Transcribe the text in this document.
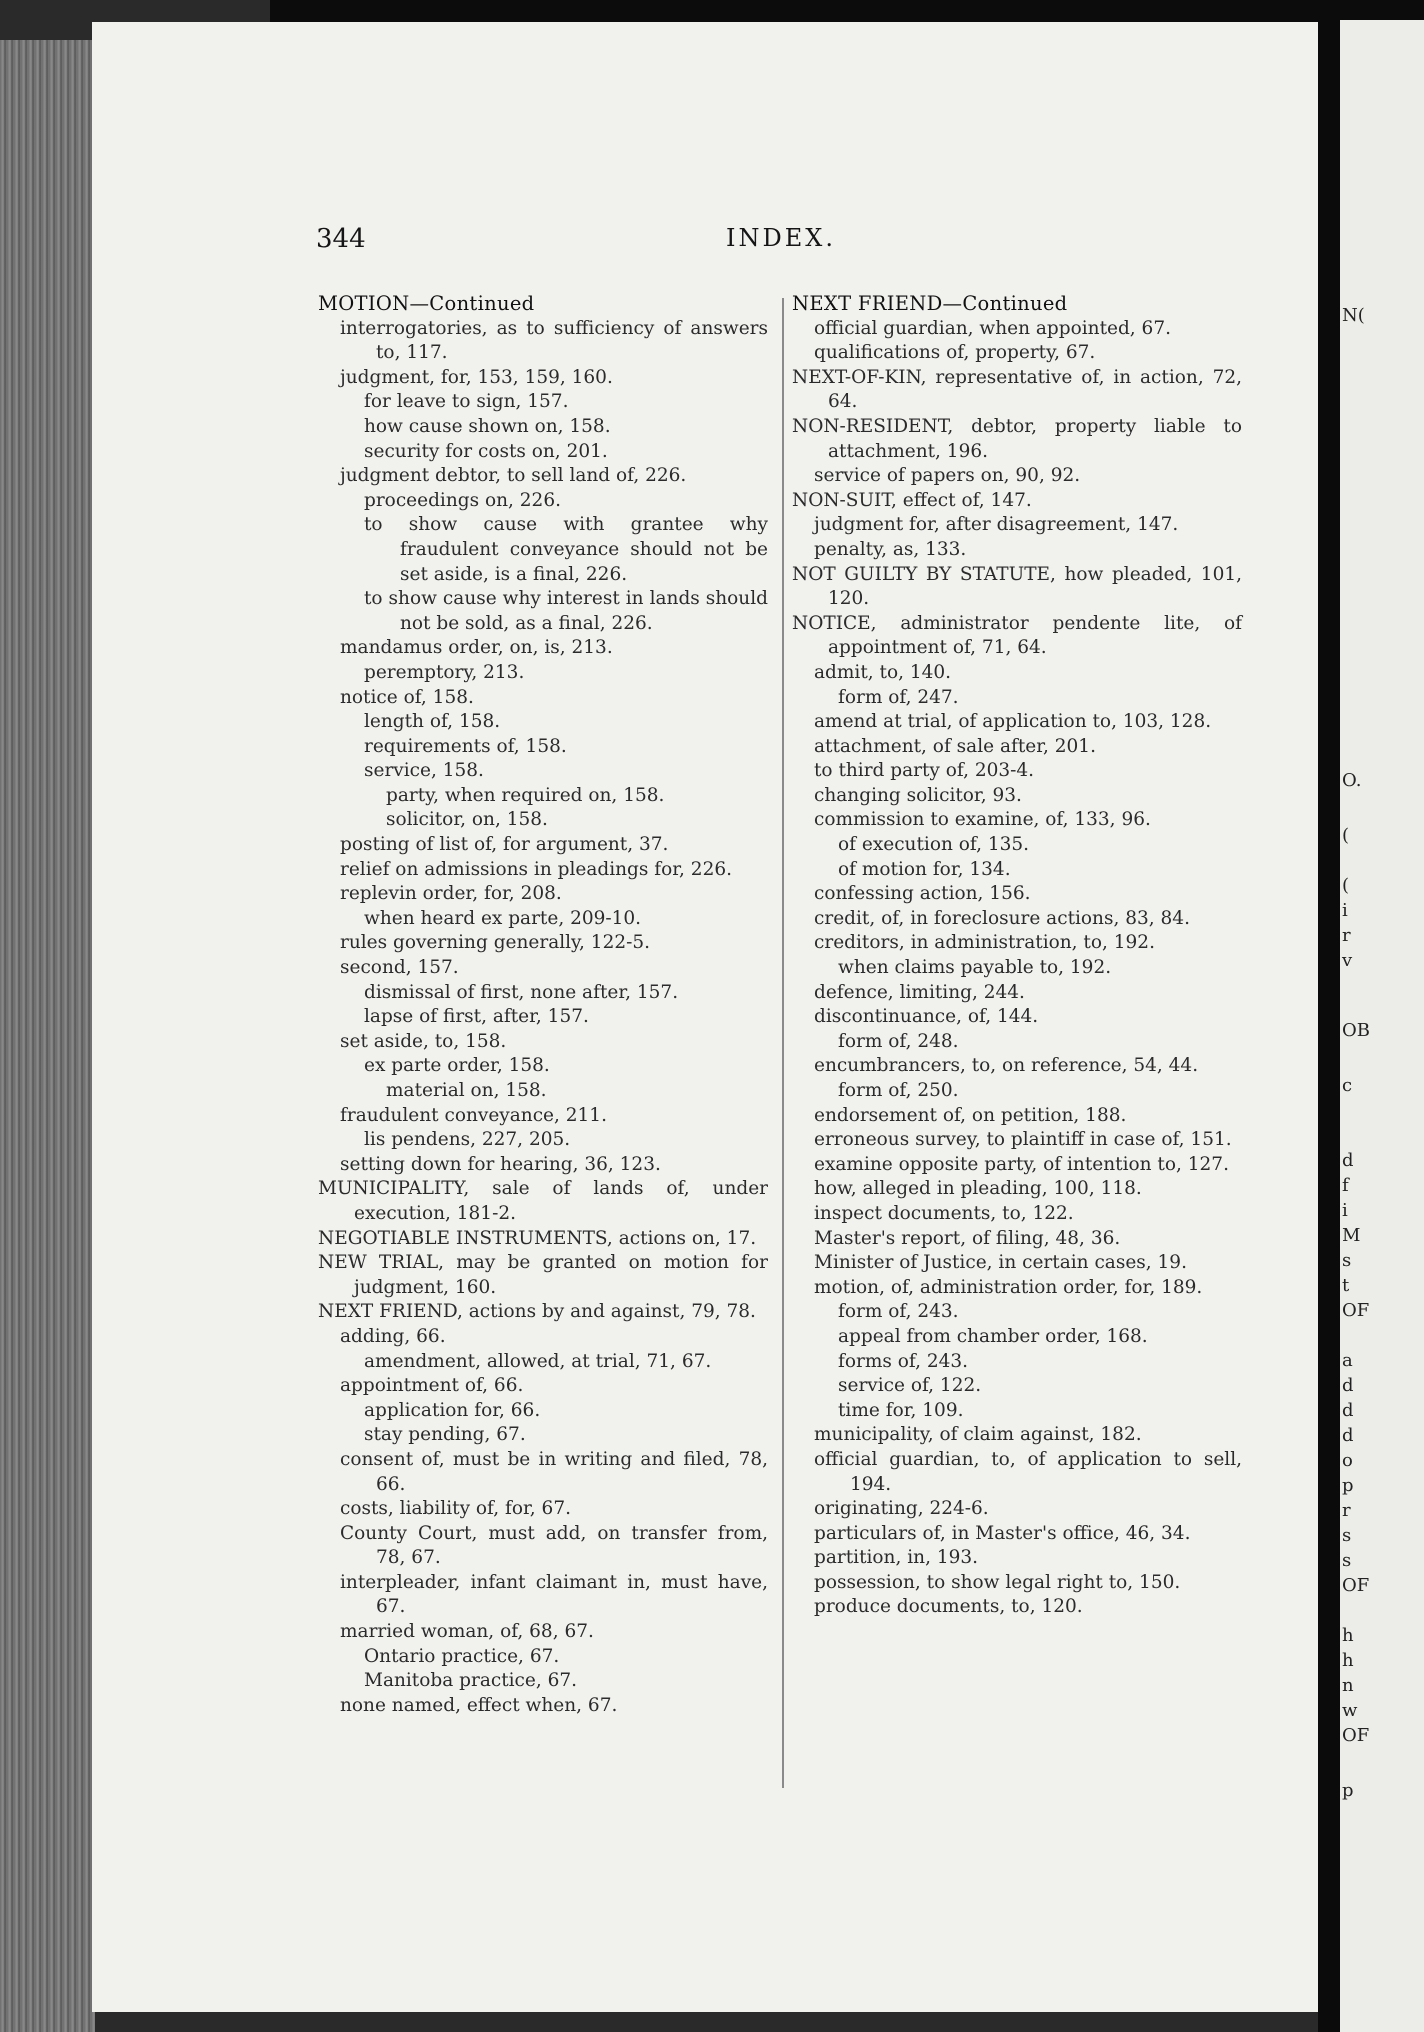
344	INDEX.
MOTION—Continued
interrogatories, as to sufficiency of answers to, 117.
judgment, for, 153, 159, 160.
for leave to sign, 157.
how cause shown on, 158.
security for costs on, 201.
judgment debtor, to sell land of, 226.
proceedings on, 226.
to show cause with grantee why fraudulent conveyance should not be set aside, is a final, 226.
to show cause why interest in lands should not be sold, as a final, 226.
mandamus order, on, is, 213.
peremptory, 213.
notice of, 158.
length of, 158.
requirements of, 158.
service, 158.
party, when required on, 158.
solicitor, on, 158.
posting of list of, for argument, 37.
relief on admissions in pleadings for, 226.
replevin order, for, 208.
when heard ex parte, 209-10.
rules governing generally, 122-5.
second, 157.
dismissal of first, none after, 157.
lapse of first, after, 157.
set aside, to, 158.
ex parte order, 158.
material on, 158.
fraudulent conveyance, 211.
lis pendens, 227, 205.
setting down for hearing, 36, 123.
MUNICIPALITY, sale of lands of, under execution, 181-2.
NEGOTIABLE INSTRUMENTS, actions on, 17.
NEW TRIAL, may be granted on motion for judgment, 160.
NEXT FRIEND, actions by and against, 79, 78.
adding, 66.
amendment, allowed, at trial, 71, 67.
appointment of, 66.
application for, 66.
stay pending, 67.
consent of, must be in writing and filed, 78, 66.
costs, liability of, for, 67.
County Court, must add, on transfer from, 78, 67.
interpleader, infant claimant in, must have, 67.
married woman, of, 68, 67.
Ontario practice, 67.
Manitoba practice, 67.
none named, effect when, 67.
NEXT FRIEND—Continued
official guardian, when appointed, 67.
qualifications of, property, 67.
NEXT-OF-KIN, representative of, in action, 72, 64.
NON-RESIDENT, debtor, property liable to attachment, 196.
service of papers on, 90, 92.
NON-SUIT, effect of, 147.
judgment for, after disagreement, 147.
penalty, as, 133.
NOT GUILTY BY STATUTE, how pleaded, 101, 120.
NOTICE, administrator pendente lite, of appointment of, 71, 64.
admit, to, 140.
form of, 247.
amend at trial, of application to, 103, 128.
attachment, of sale after, 201.
to third party of, 203-4.
changing solicitor, 93.
commission to examine, of, 133, 96.
of execution of, 135.
of motion for, 134.
confessing action, 156.
credit, of, in foreclosure actions, 83, 84.
creditors, in administration, to, 192.
when claims payable to, 192.
defence, limiting, 244.
discontinuance, of, 144.
form of, 248.
encumbrancers, to, on reference, 54, 44.
form of, 250.
endorsement of, on petition, 188.
erroneous survey, to plaintiff in case of, 151.
examine opposite party, of intention to, 127.
how, alleged in pleading, 100, 118.
inspect documents, to, 122.
Master's report, of filing, 48, 36.
Minister of Justice, in certain cases, 19.
motion, of, administration order, for, 189.
form of, 243.
appeal from chamber order, 168.
forms of, 243.
service of, 122.
time for, 109.
municipality, of claim against, 182.
official guardian, to, of application to sell, 194.
originating, 224-6.
particulars of, in Master's office, 46, 34.
partition, in, 193.
possession, to show legal right to, 150.
produce documents, to, 120.
N(
O.
(
(
i
r
v
OB
c
d
f
i
M
s
t
OF
a
d
d
d
o
p
r
s
s
OF
h
h
n
w
OF
p
